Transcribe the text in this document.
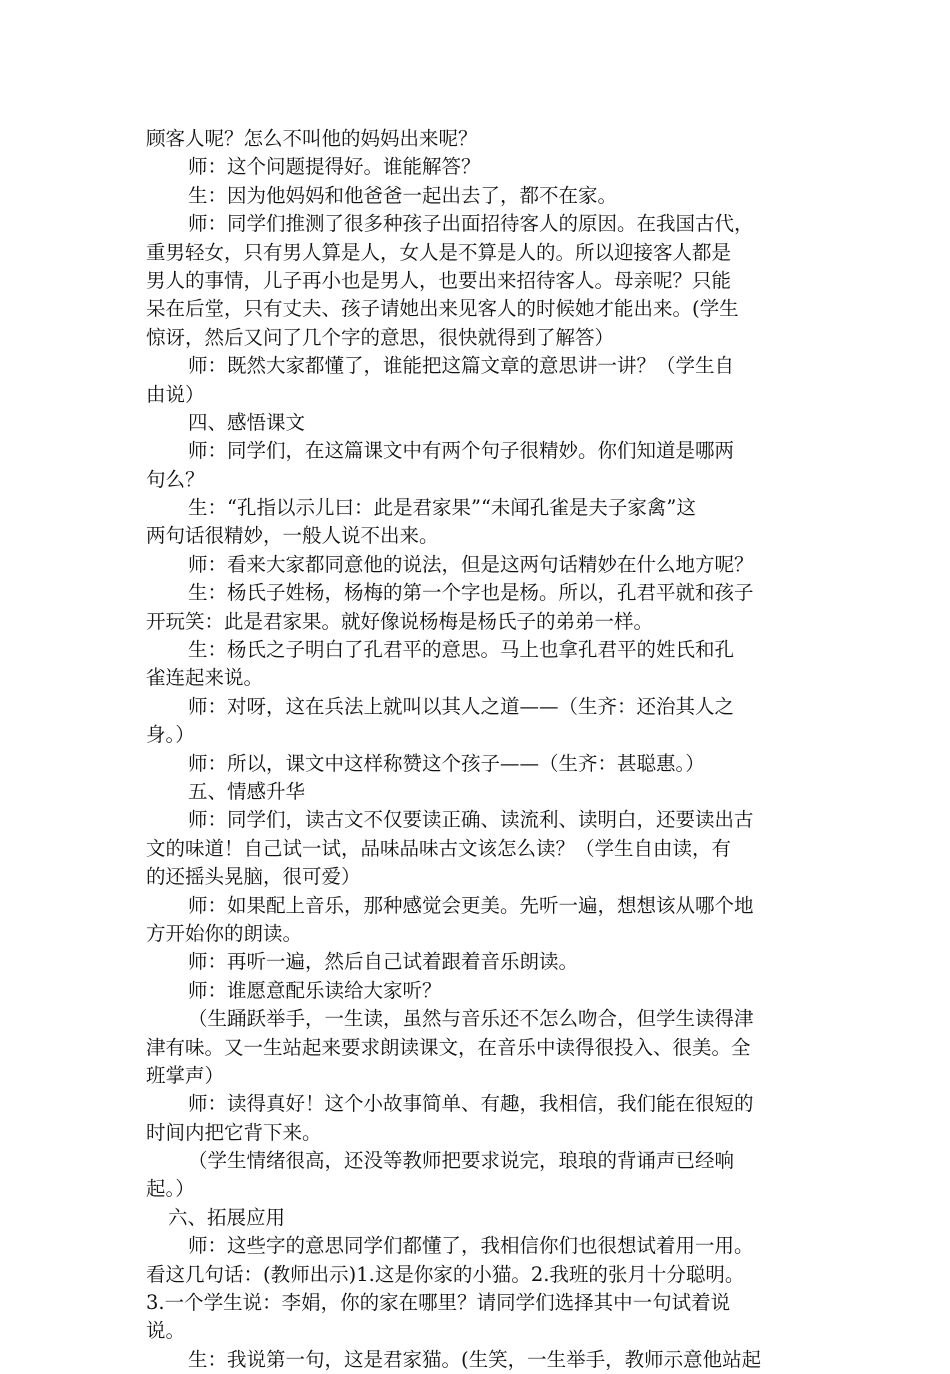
顾客人呢？怎么不叫他的妈妈出来呢？
师：这个问题提得好。谁能解答？
生：因为他妈妈和他爸爸一起出去了，都不在家。
师：同学们推测了很多种孩子出面招待客人的原因。在我国古代，
重男轻女，只有男人算是人，女人是不算是人的。所以迎接客人都是
男人的事情，儿子再小也是男人，也要出来招待客人。母亲呢？只能
呆在后堂，只有丈夫、孩子请她出来见客人的时候她才能出来。(学生
惊讶，然后又问了几个字的意思，很快就得到了解答）
师：既然大家都懂了，谁能把这篇文章的意思讲一讲？（学生自
由说）
四、感悟课文
师：同学们，在这篇课文中有两个句子很精妙。你们知道是哪两
句么？
生：“孔指以示儿曰：此是君家果”“未闻孔雀是夫子家禽”这
两句话很精妙，一般人说不出来。
师：看来大家都同意他的说法，但是这两句话精妙在什么地方呢？
生：杨氏子姓杨，杨梅的第一个字也是杨。所以，孔君平就和孩子
开玩笑：此是君家果。就好像说杨梅是杨氏子的弟弟一样。
生：杨氏之子明白了孔君平的意思。马上也拿孔君平的姓氏和孔
雀连起来说。
师：对呀，这在兵法上就叫以其人之道——（生齐：还治其人之
身。）
师：所以，课文中这样称赞这个孩子——（生齐：甚聪惠。）
五、情感升华
师：同学们，读古文不仅要读正确、读流利、读明白，还要读出古
文的味道！自己试一试，品味品味古文该怎么读？（学生自由读，有
的还摇头晃脑，很可爱）
师：如果配上音乐，那种感觉会更美。先听一遍，想想该从哪个地
方开始你的朗读。
师：再听一遍，然后自己试着跟着音乐朗读。
师：谁愿意配乐读给大家听？
（生踊跃举手，一生读，虽然与音乐还不怎么吻合，但学生读得津
津有味。又一生站起来要求朗读课文，在音乐中读得很投入、很美。全
班掌声）
师：读得真好！这个小故事简单、有趣，我相信，我们能在很短的
时间内把它背下来。
（学生情绪很高，还没等教师把要求说完，琅琅的背诵声已经响
起。）
六、拓展应用
师：这些字的意思同学们都懂了，我相信你们也很想试着用一用。
看这几句话：(教师出示)1.这是你家的小猫。2.我班的张月十分聪明。
3.一个学生说：李娟，你的家在哪里？请同学们选择其中一句试着说
说。
生：我说第一句，这是君家猫。(生笑，一生举手，教师示意他站起
